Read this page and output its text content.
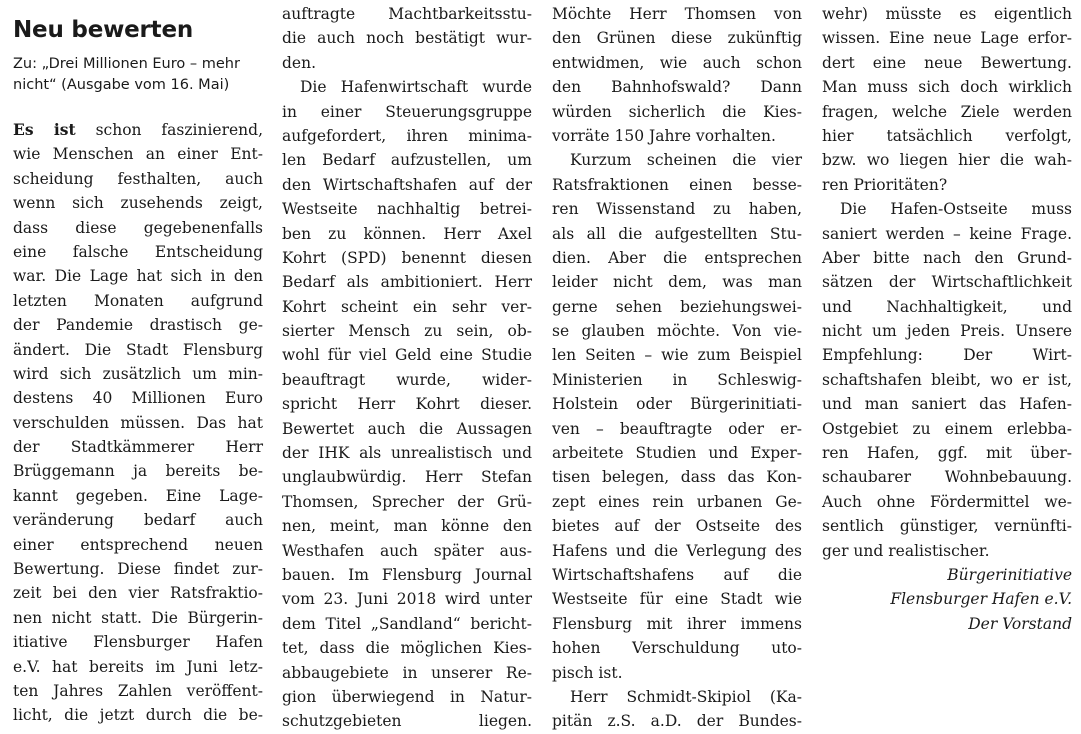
Neu bewerten
Zu: „Drei Millionen Euro – mehr
nicht“ (Ausgabe vom 16. Mai)
Es ist schon faszinierend,
wie Menschen an einer Ent-
scheidung festhalten, auch
wenn sich zusehends zeigt,
dass diese gegebenenfalls
eine falsche Entscheidung
war. Die Lage hat sich in den
letzten Monaten aufgrund
der Pandemie drastisch ge-
ändert. Die Stadt Flensburg
wird sich zusätzlich um min-
destens 40 Millionen Euro
verschulden müssen. Das hat
der Stadtkämmerer Herr
Brüggemann ja bereits be-
kannt gegeben. Eine Lage-
veränderung bedarf auch
einer entsprechend neuen
Bewertung. Diese findet zur-
zeit bei den vier Ratsfraktio-
nen nicht statt. Die Bürgerin-
itiative Flensburger Hafen
e.V. hat bereits im Juni letz-
ten Jahres Zahlen veröffent-
licht, die jetzt durch die be-
auftragte Machtbarkeitsstu-
die auch noch bestätigt wur-
den.
Die Hafenwirtschaft wurde
in einer Steuerungsgruppe
aufgefordert, ihren minima-
len Bedarf aufzustellen, um
den Wirtschaftshafen auf der
Westseite nachhaltig betrei-
ben zu können. Herr Axel
Kohrt (SPD) benennt diesen
Bedarf als ambitioniert. Herr
Kohrt scheint ein sehr ver-
sierter Mensch zu sein, ob-
wohl für viel Geld eine Studie
beauftragt wurde, wider-
spricht Herr Kohrt dieser.
Bewertet auch die Aussagen
der IHK als unrealistisch und
unglaubwürdig. Herr Stefan
Thomsen, Sprecher der Grü-
nen, meint, man könne den
Westhafen auch später aus-
bauen. Im Flensburg Journal
vom 23. Juni 2018 wird unter
dem Titel „Sandland“ bericht-
tet, dass die möglichen Kies-
abbaugebiete in unserer Re-
gion überwiegend in Natur-
schutzgebieten liegen.
Möchte Herr Thomsen von
den Grünen diese zukünftig
entwidmen, wie auch schon
den Bahnhofswald? Dann
würden sicherlich die Kies-
vorräte 150 Jahre vorhalten.
Kurzum scheinen die vier
Ratsfraktionen einen besse-
ren Wissenstand zu haben,
als all die aufgestellten Stu-
dien. Aber die entsprechen
leider nicht dem, was man
gerne sehen beziehungswei-
se glauben möchte. Von vie-
len Seiten – wie zum Beispiel
Ministerien in Schleswig-
Holstein oder Bürgerinitiati-
ven – beauftragte oder er-
arbeitete Studien und Exper-
tisen belegen, dass das Kon-
zept eines rein urbanen Ge-
bietes auf der Ostseite des
Hafens und die Verlegung des
Wirtschaftshafens auf die
Westseite für eine Stadt wie
Flensburg mit ihrer immens
hohen Verschuldung uto-
pisch ist.
Herr Schmidt-Skipiol (Ka-
pitän z.S. a.D. der Bundes-
wehr) müsste es eigentlich
wissen. Eine neue Lage erfor-
dert eine neue Bewertung.
Man muss sich doch wirklich
fragen, welche Ziele werden
hier tatsächlich verfolgt,
bzw. wo liegen hier die wah-
ren Prioritäten?
Die Hafen-Ostseite muss
saniert werden – keine Frage.
Aber bitte nach den Grund-
sätzen der Wirtschaftlichkeit
und Nachhaltigkeit, und
nicht um jeden Preis. Unsere
Empfehlung: Der Wirt-
schaftshafen bleibt, wo er ist,
und man saniert das Hafen-
Ostgebiet zu einem erlebba-
ren Hafen, ggf. mit über-
schaubarer Wohnbebauung.
Auch ohne Fördermittel we-
sentlich günstiger, vernünfti-
ger und realistischer.
Bürgerinitiative
Flensburger Hafen e.V.
Der Vorstand
